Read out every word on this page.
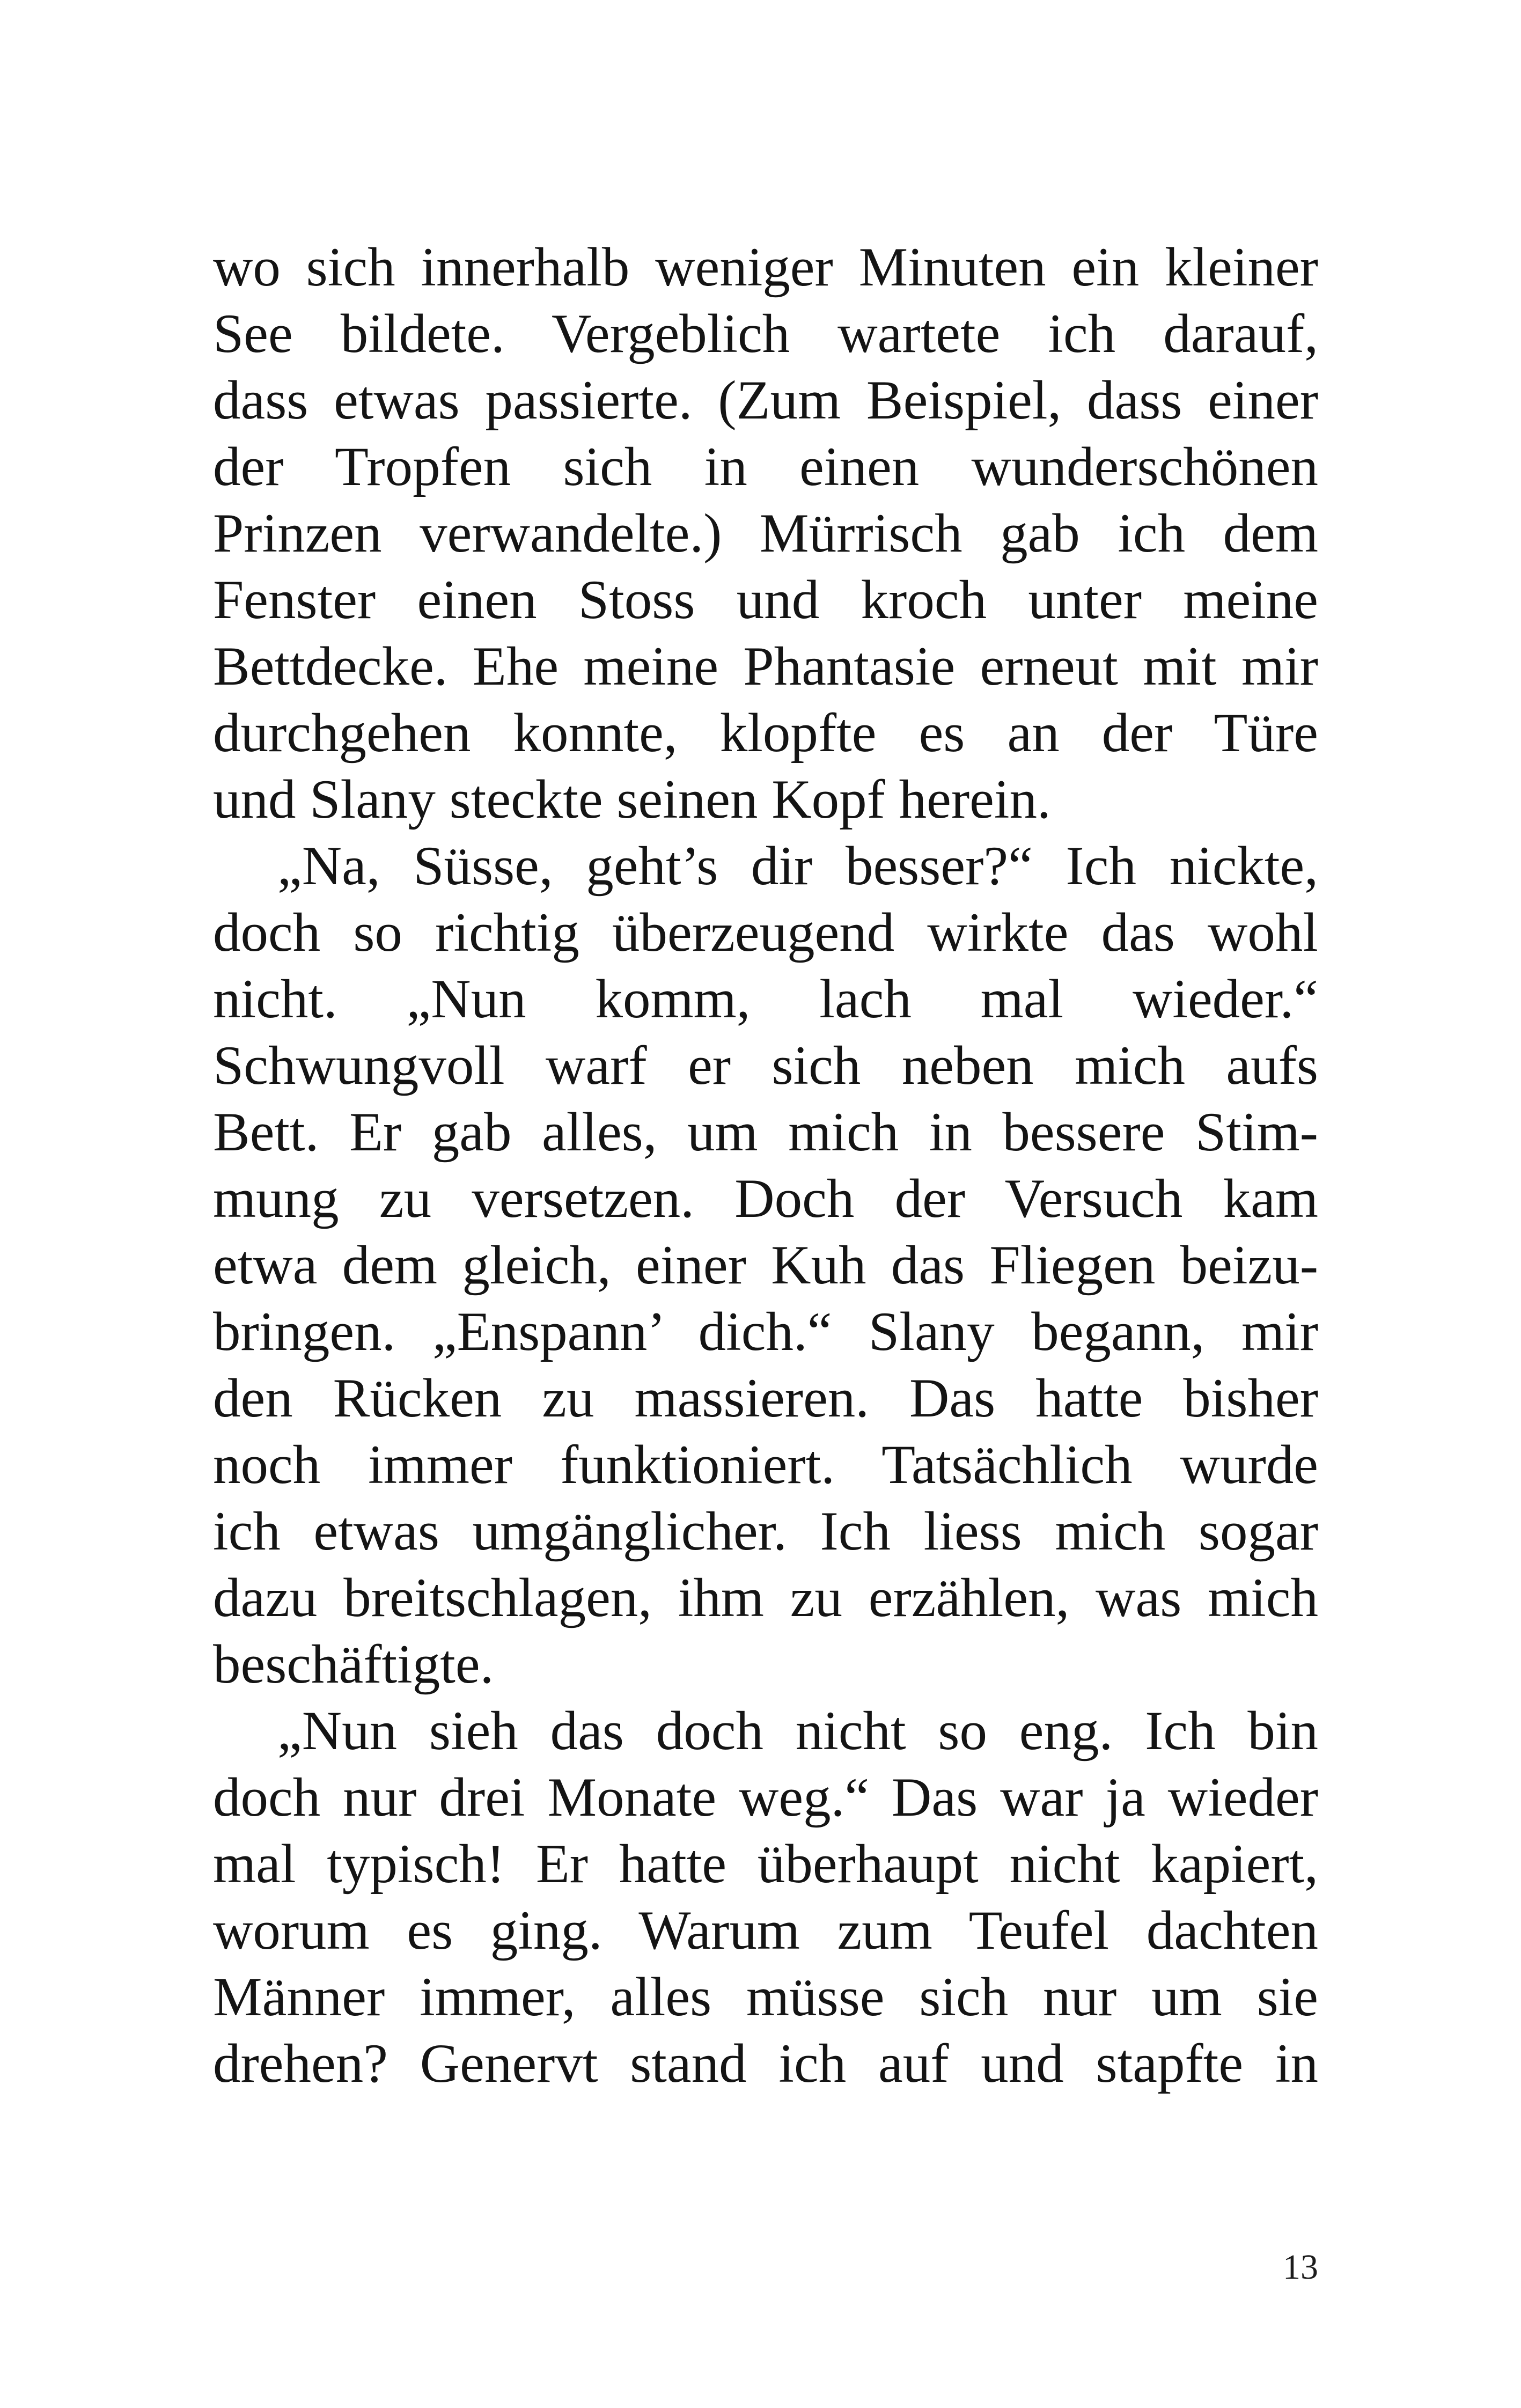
wo sich innerhalb weniger Minuten ein kleiner
See bildete. Vergeblich wartete ich darauf,
dass etwas passierte. (Zum Beispiel, dass einer
der Tropfen sich in einen wunderschönen
Prinzen verwandelte.) Mürrisch gab ich dem
Fenster einen Stoss und kroch unter meine
Bettdecke. Ehe meine Phantasie erneut mit mir
durchgehen konnte, klopfte es an der Türe
und Slany steckte seinen Kopf herein.
„Na, Süsse, geht’s dir besser?“ Ich nickte,
doch so richtig überzeugend wirkte das wohl
nicht. „Nun komm, lach mal wieder.“
Schwungvoll warf er sich neben mich aufs
Bett. Er gab alles, um mich in bessere Stim-
mung zu versetzen. Doch der Versuch kam
etwa dem gleich, einer Kuh das Fliegen beizu-
bringen. „Enspann’ dich.“ Slany begann, mir
den Rücken zu massieren. Das hatte bisher
noch immer funktioniert. Tatsächlich wurde
ich etwas umgänglicher. Ich liess mich sogar
dazu breitschlagen, ihm zu erzählen, was mich
beschäftigte.
„Nun sieh das doch nicht so eng. Ich bin
doch nur drei Monate weg.“ Das war ja wieder
mal typisch! Er hatte überhaupt nicht kapiert,
worum es ging. Warum zum Teufel dachten
Männer immer, alles müsse sich nur um sie
drehen? Genervt stand ich auf und stapfte in
13
